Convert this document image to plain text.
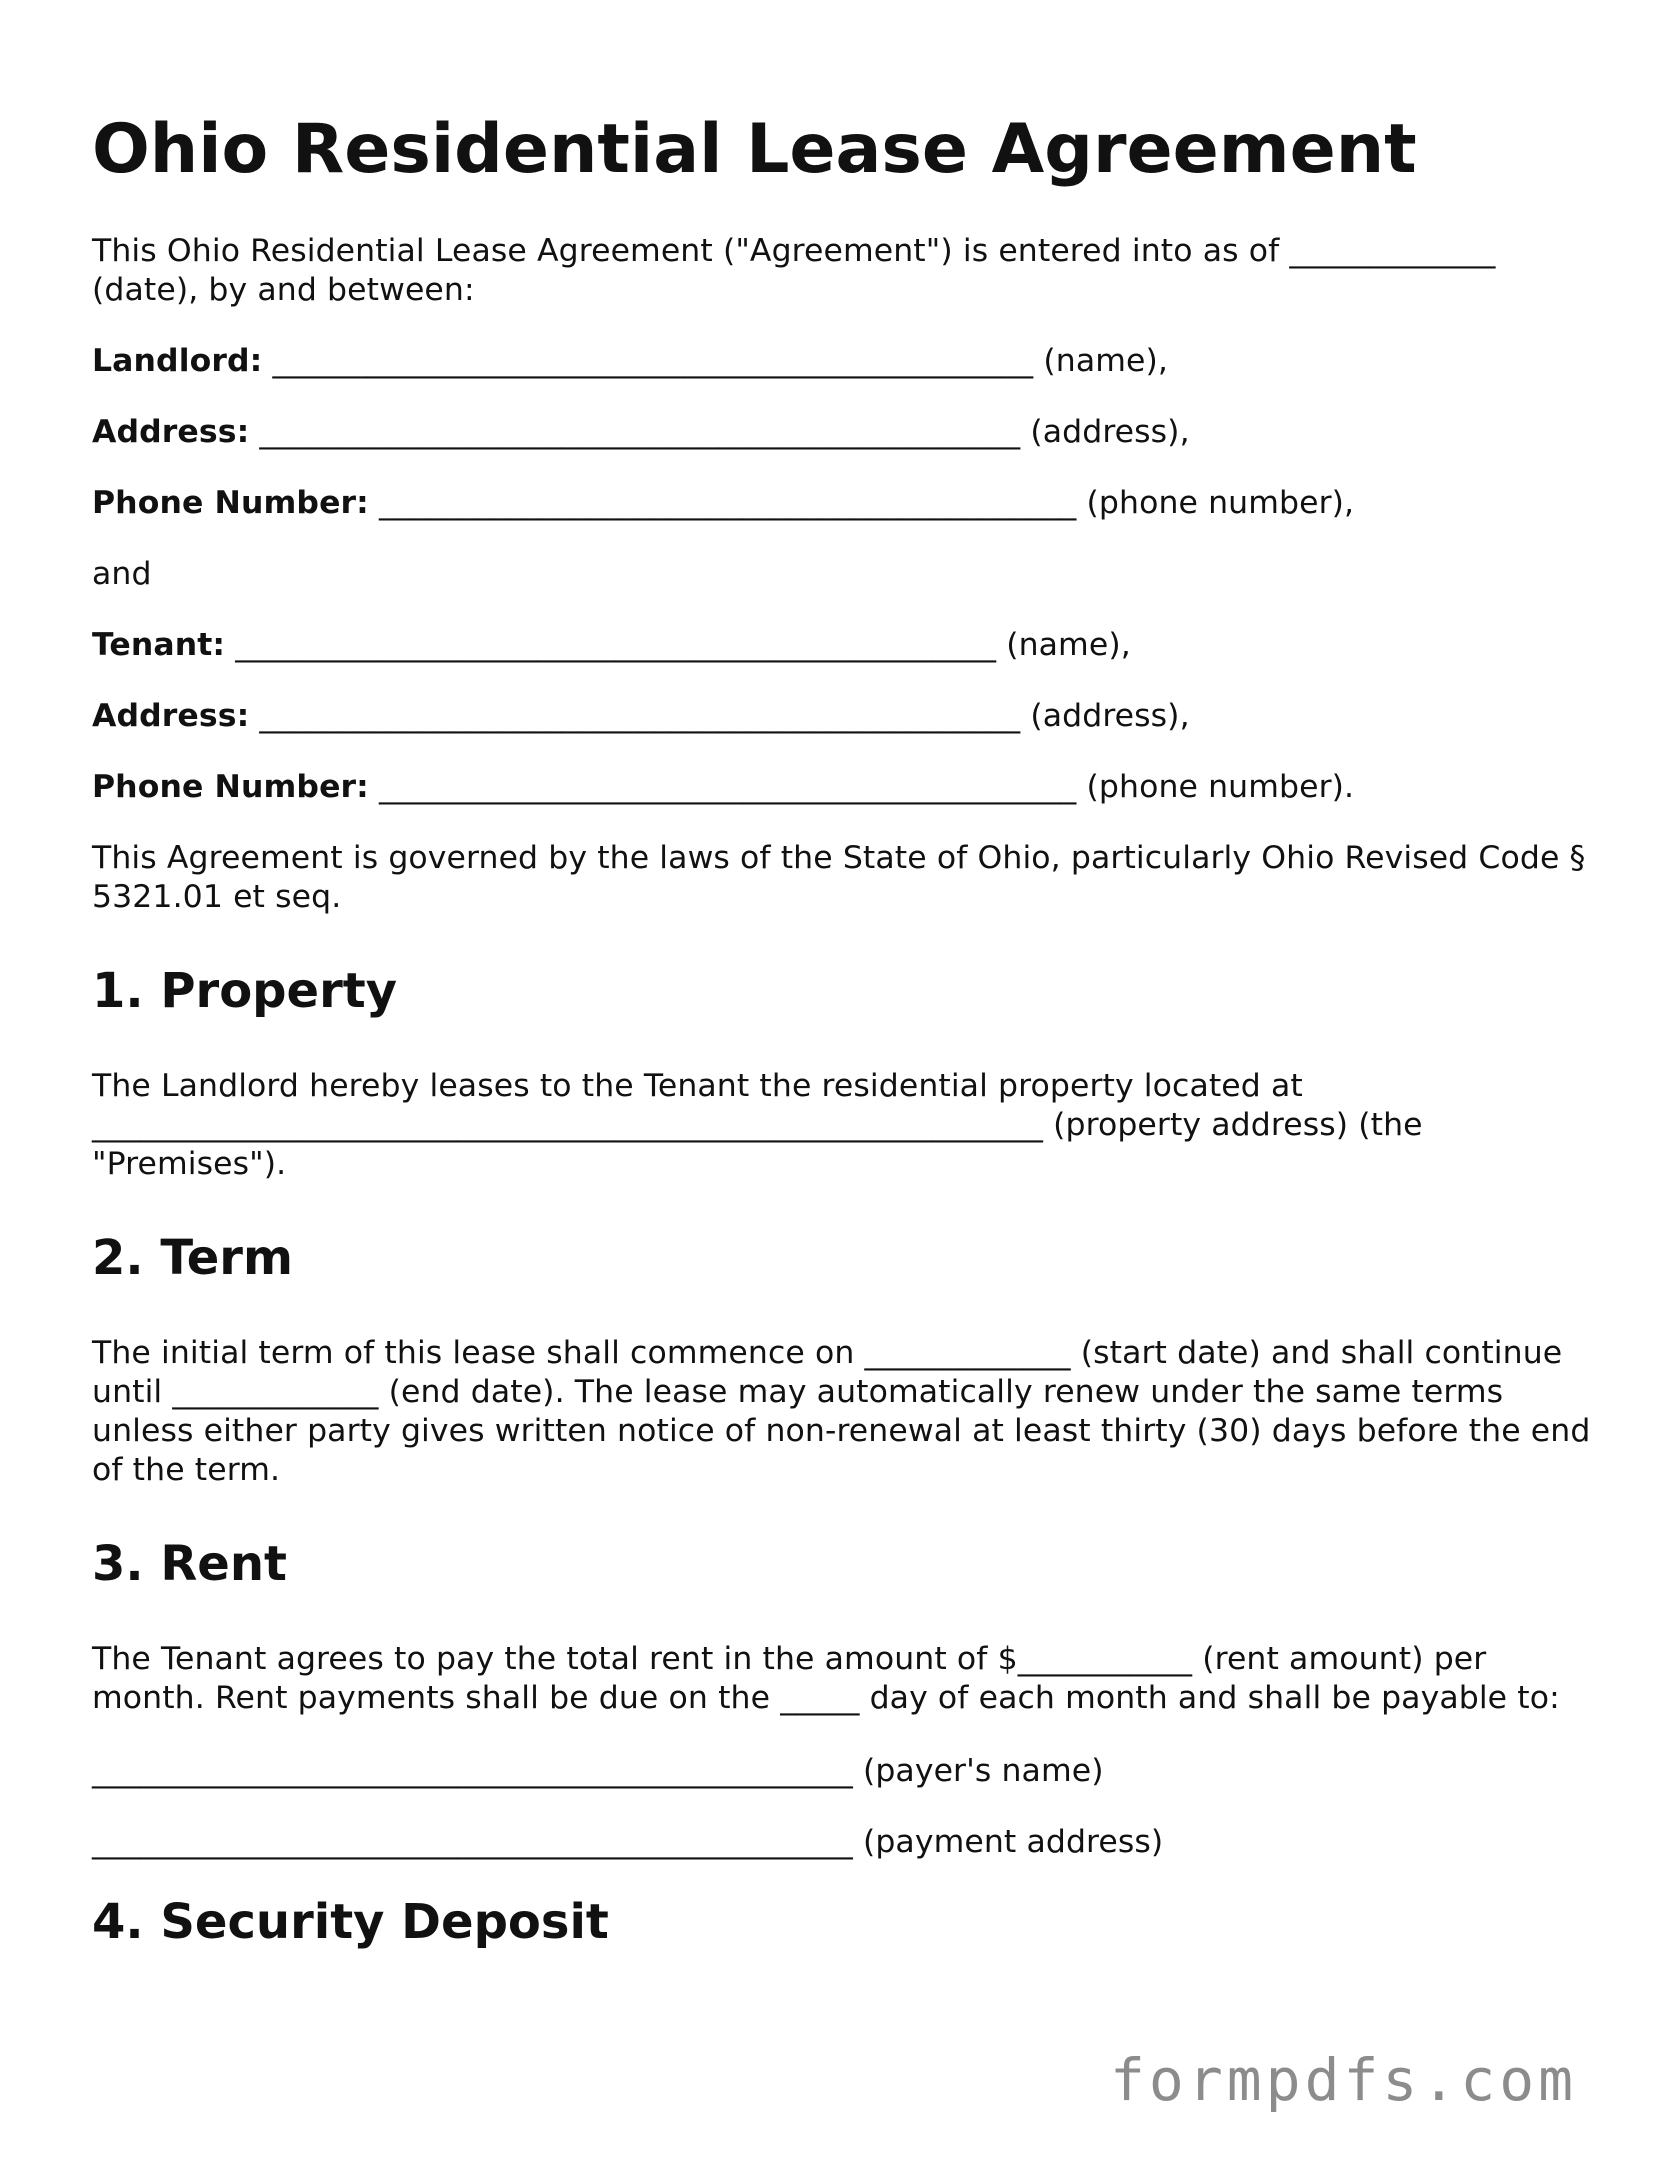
Ohio Residential Lease Agreement

This Ohio Residential Lease Agreement ("Agreement") is entered into as of _____________ (date), by and between:

Landlord: ________________________________________________ (name),

Address: ________________________________________________ (address),

Phone Number: ____________________________________________ (phone number),

and

Tenant: ________________________________________________ (name),

Address: ________________________________________________ (address),

Phone Number: ____________________________________________ (phone number).

This Agreement is governed by the laws of the State of Ohio, particularly Ohio Revised Code § 5321.01 et seq.

1. Property

The Landlord hereby leases to the Tenant the residential property located at ____________________________________________________________ (property address) (the "Premises").

2. Term

The initial term of this lease shall commence on _____________ (start date) and shall continue until _____________ (end date). The lease may automatically renew under the same terms unless either party gives written notice of non-renewal at least thirty (30) days before the end of the term.

3. Rent

The Tenant agrees to pay the total rent in the amount of $___________ (rent amount) per month. Rent payments shall be due on the _____ day of each month and shall be payable to:

________________________________________________ (payer's name)

________________________________________________ (payment address)

4. Security Deposit
formpdfs.com
